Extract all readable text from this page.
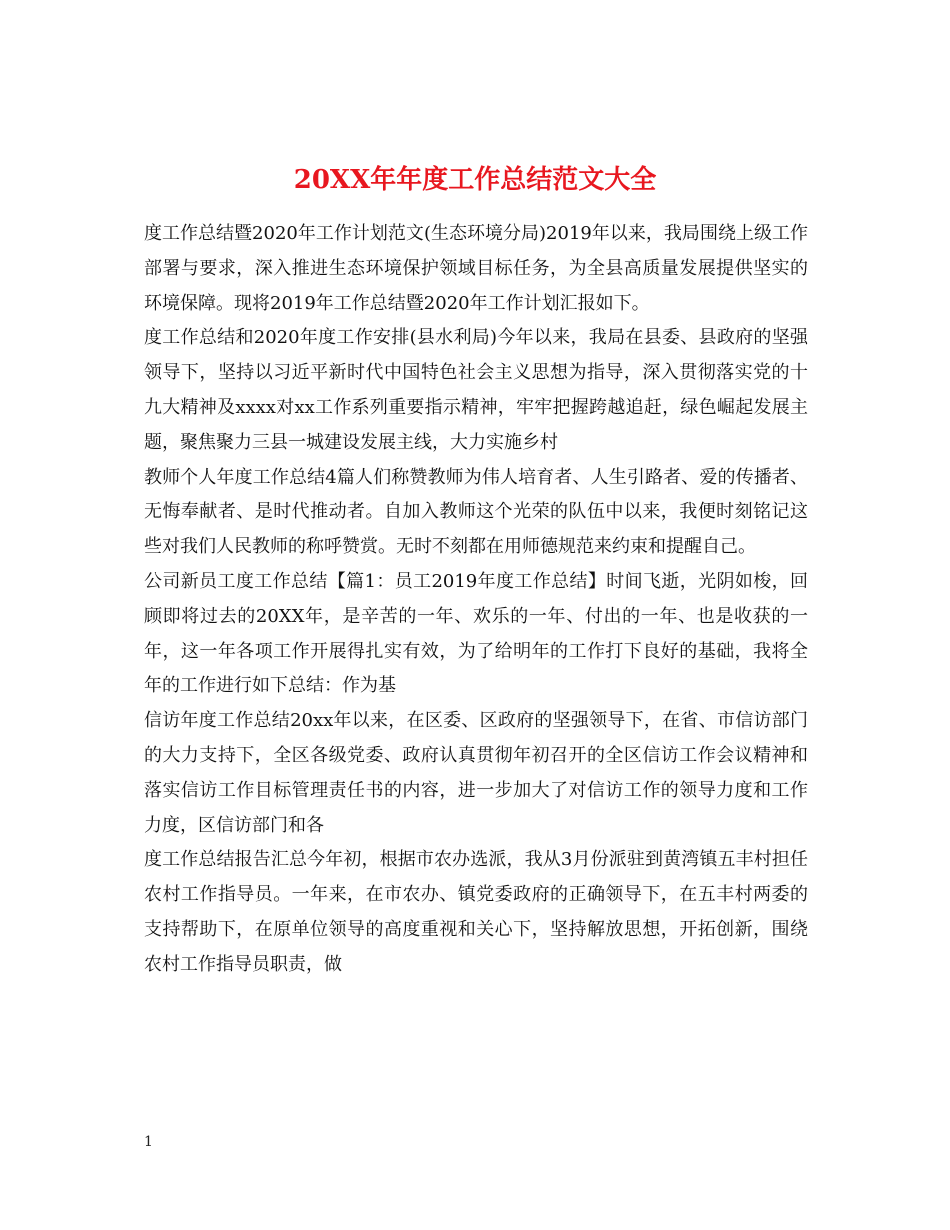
20XX年年度工作总结范文大全

度工作总结暨2020年工作计划范文(生态环境分局)2019年以来，我局围绕上级工作部署与要求，深入推进生态环境保护领域目标任务，为全县高质量发展提供坚实的环境保障。现将2019年工作总结暨2020年工作计划汇报如下。

度工作总结和2020年度工作安排(县水利局)今年以来，我局在县委、县政府的坚强领导下，坚持以习近平新时代中国特色社会主义思想为指导，深入贯彻落实党的十九大精神及xxxx对xx工作系列重要指示精神，牢牢把握跨越追赶，绿色崛起发展主题，聚焦聚力三县一城建设发展主线，大力实施乡村

教师个人年度工作总结4篇人们称赞教师为伟人培育者、人生引路者、爱的传播者、无悔奉献者、是时代推动者。自加入教师这个光荣的队伍中以来，我便时刻铭记这些对我们人民教师的称呼赞赏。无时不刻都在用师德规范来约束和提醒自己。

公司新员工度工作总结【篇1：员工2019年度工作总结】时间飞逝，光阴如梭，回顾即将过去的20XX年，是辛苦的一年、欢乐的一年、付出的一年、也是收获的一年，这一年各项工作开展得扎实有效，为了给明年的工作打下良好的基础，我将全年的工作进行如下总结：作为基

信访年度工作总结20xx年以来，在区委、区政府的坚强领导下，在省、市信访部门的大力支持下，全区各级党委、政府认真贯彻年初召开的全区信访工作会议精神和落实信访工作目标管理责任书的内容，进一步加大了对信访工作的领导力度和工作力度，区信访部门和各

度工作总结报告汇总今年初，根据市农办选派，我从3月份派驻到黄湾镇五丰村担任农村工作指导员。一年来，在市农办、镇党委政府的正确领导下，在五丰村两委的支持帮助下，在原单位领导的高度重视和关心下，坚持解放思想，开拓创新，围绕农村工作指导员职责，做

1
